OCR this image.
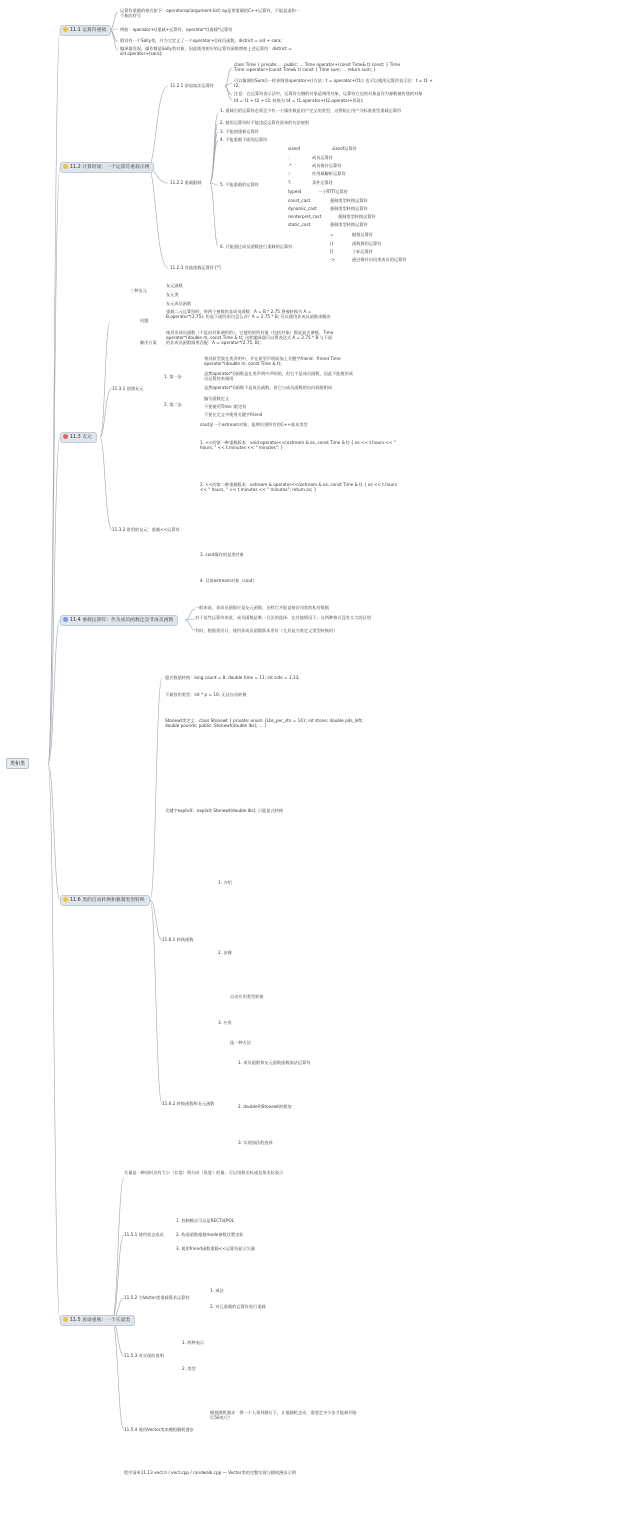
类和类
11.1 运算符重载
11.2 计算时间：一个运算符重载示例
11.3 友元
11.4 重载运算符：作为成员函数还是非成员函数
11.5 再谈重载：一个矢量类
11.6 类的自动转换和强制类型转换
运算符重载的格式如下：operatorop(argument-list) op是要重载的C++运算符，不能是虚构一个新的符号
例如：operator+()重载+运算符，operator*()重载*运算符
假设有一个Sally类，并为它定义了一个operator+()成员函数，district = sid + sara;
编译器发现，操作数是Sally类对象，因此使用相应的运算符函数替换上述运算符：district = sid.operator+(sara);
11.2.1 添加加法运算符
class Time { private: ... public: ... Time operator+(const Time& t) const; } Time Time::operator+(const Time& t) const { Time sum; ... return sum; }
可以像调用Sum()一样来调用operator+()方法：t = operator+(t1); 也可以使用运算符表示法：t = t1 + t2;
注意：在运算符表示法中，运算符左侧的对象是调用对象，运算符右边的对象是作为参数被传递的对象
t4 = t1 + t2 + t3; 转换为 t4 = t1.operator+(t2.operator+(t3));
11.2.2 重载限制
1. 重载后的运算符必须至少有一个操作数是用户定义的类型，这将防止用户为标准类型重载运算符
2. 使用运算符时不能违反运算符原来的句法规则
3. 不能创建新运算符
4. 不能重载下面的运算符
5. 不能重载的运算符
sizeof	sizeof运算符
.	成员运算符
.*	成员指针运算符
::	作用域解析运算符
?:	条件运算符
typeid	一个RTTI运算符
const_cast	强制类型转换运算符
dynamic_cast	强制类型转换运算符
reinterpret_cast	强制类型转换运算符
static_cast	强制类型转换运算符
6. 只能通过成员函数进行重载的运算符
=	赋值运算符
()	函数调用运算符
[]	下标运算符
->	通过指针访问类成员的运算符
11.2.3 其他重载运算符 [*]
三种友元
友元函数
友元类
友元成员函数
问题
重载二元运算符时，带两个参数的非成员函数：A = B * 2.75 将被转换为 A = B.operator*(2.75); 但是下面的语句怎么办？A = 2.75 * B; 可以使用非成员函数来解决
解决方案
使用非成员函数（不是由对象调用的），它使用的所有值（包括对象）都是显式参数。Time operator*(double m, const Time & t); 这样编译器可以将表达式 A = 2.75 * B 与下面的非成员函数调用匹配：A = operator*(2.75, B);
11.3.1 创建友元
1. 第一步
将其原型放在类声明中，并在原型声明前加上关键字friend：friend Time operator*(double m, const Time & t);
虽然operator*()函数是在类声明中声明的，但它不是成员函数，因此不能使用成员运算符来调用
虽然operator*()函数不是成员函数，但它与成员函数的访问权限相同
2. 第二步
编写函数定义
不要使用Time::限定符
不要在定义中使用关键字friend
11.3.2 常用的友元：重载<<运算符
cout是一个ostream对象，能够识别所有的C++基本类型
1. <<的第一种重载版本：void operator<<(ostream & os, const Time & t) { os << t.hours << " hours, " << t.minutes << " minutes"; }
2. <<的第二种重载版本：ostream & operator<<(ostream & os, const Time & t) { os << t.hours << " hours, " << t.minutes << " minutes"; return os; }
3. cout操作的是类对象
4. 目前ostream对象（cout）
一般来说，非成员函数应是友元函数，这样它才能直接访问类的私有数据
对于某些运算符来说，成员函数是唯一合法的选择，在其他情况下，这两种格式没有太大的区别
有时，根据类设计，使用非成员函数版本更好（尤其是为类定义类型转换时）
隐式数值转换：long count = 8; double time = 11; int side = 3.33;
不兼容的类型：int * p = 10; 无法自动转换
Stonewt类定义：class Stonewt { private: enum {Lbs_per_stn = 14}; int stone; double pds_left; double pounds; public: Stonewt(double lbs); ... }
关键字explicit：explicit Stonewt(double lbs); 只能显式转换
11.6.1 转换函数
1. 介绍
2. 步骤
3. 应用
自动应用类型转换
选一种方法
11.6.2 转换函数和友元函数
1. 成员函数和友元函数重载加法运算符
2. double和Stonewt的相加
3. 实现加法的选择
矢量是一种同时具有大小（长度）和方向（角度）的量，可以用极坐标或直角坐标表示
11.5.1 使用状态成员
1. 控制模式可以是RECT或POL
2. 构造函数根据mode参数设置坐标
3. 使用friend函数重载<<运算符显示矢量
11.5.2 为Vector类重载算术运算符
1. 乘法
2. 对已重载的运算符进行重载
11.5.3 对实现的说明
1. 两种表示
2. 类型
11.5.4 使用Vector类来模拟随机漫步
模拟随机漫步：将一个人领到路灯下，让他随机走动，需要走多少步才能离开路灯50英尺？
程序清单11.13 vect.h / vect.cpp / randwalk.cpp — Vector类的完整实现与随机漫步示例
